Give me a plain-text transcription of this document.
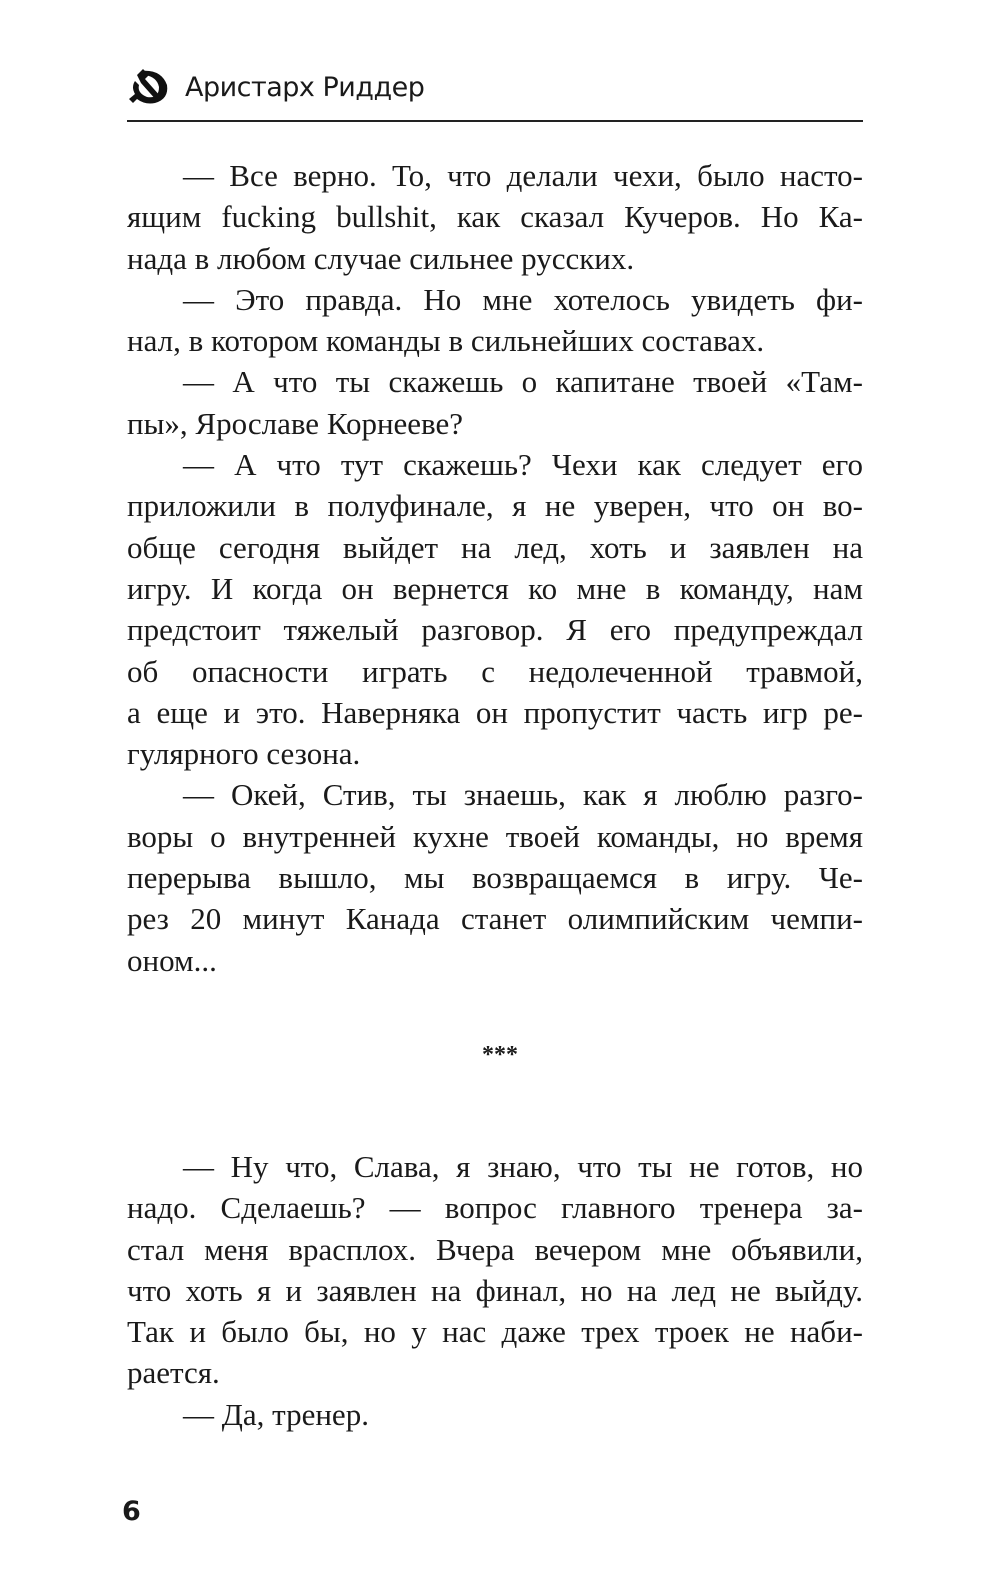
Аристарх Риддер
— Все верно. То, что делали чехи, было насто-
ящим fucking bullshit, как сказал Кучеров. Но Ка-
нада в любом случае сильнее русских.
— Это правда. Но мне хотелось увидеть фи-
нал, в котором команды в сильнейших составах.
— А что ты скажешь о капитане твоей «Там-
пы», Ярославе Корнееве?
— А что тут скажешь? Чехи как следует его
приложили в полуфинале, я не уверен, что он во-
обще сегодня выйдет на лед, хоть и заявлен на
игру. И когда он вернется ко мне в команду, нам
предстоит тяжелый разговор. Я его предупреждал
об опасности играть с недолеченной травмой,
а еще и это. Наверняка он пропустит часть игр ре-
гулярного сезона.
— Окей, Стив, ты знаешь, как я люблю разго-
воры о внутренней кухне твоей команды, но время
перерыва вышло, мы возвращаемся в игру. Че-
рез 20 минут Канада станет олимпийским чемпи-
оном...
***
— Ну что, Слава, я знаю, что ты не готов, но
надо. Сделаешь? — вопрос главного тренера за-
стал меня врасплох. Вчера вечером мне объявили,
что хоть я и заявлен на финал, но на лед не выйду.
Так и было бы, но у нас даже трех троек не наби-
рается.
— Да, тренер.
6
